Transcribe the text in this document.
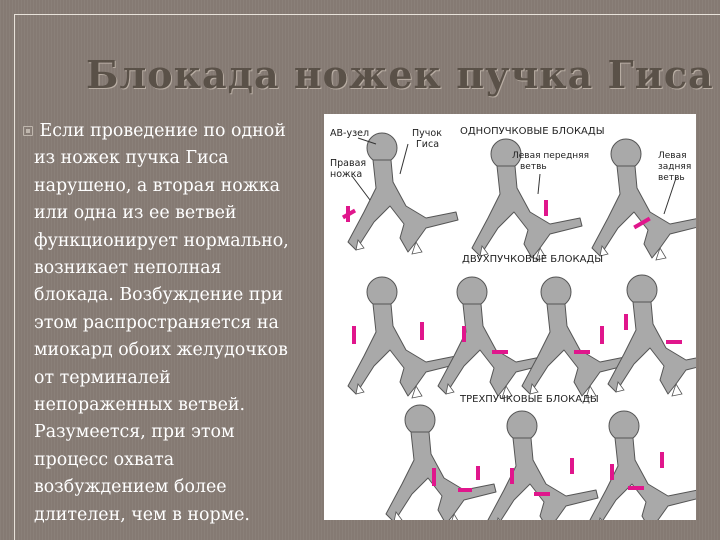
Блокада ножек пучка Гиса
Если проведение по одной
из ножек пучка Гиса
нарушено, а вторая ножка
или одна из ее ветвей
функционирует нормально,
возникает неполная
блокада. Возбуждение при
этом распространяется на
миокард обоих желудочков
от терминалей
непораженных ветвей.
Разумеется, при этом
процесс охвата
возбуждением более
длителен, чем в норме.
АВ-узел	Пучок
Гиса
Правая
ножка
Левая передняя
ветвь
Левая
задняя
ветвь
ОДНОПУЧКОВЫЕ БЛОКАДЫ
ДВУХПУЧКОВЫЕ БЛОКАДЫ
ТРЕХПУЧКОВЫЕ БЛОКАДЫ
